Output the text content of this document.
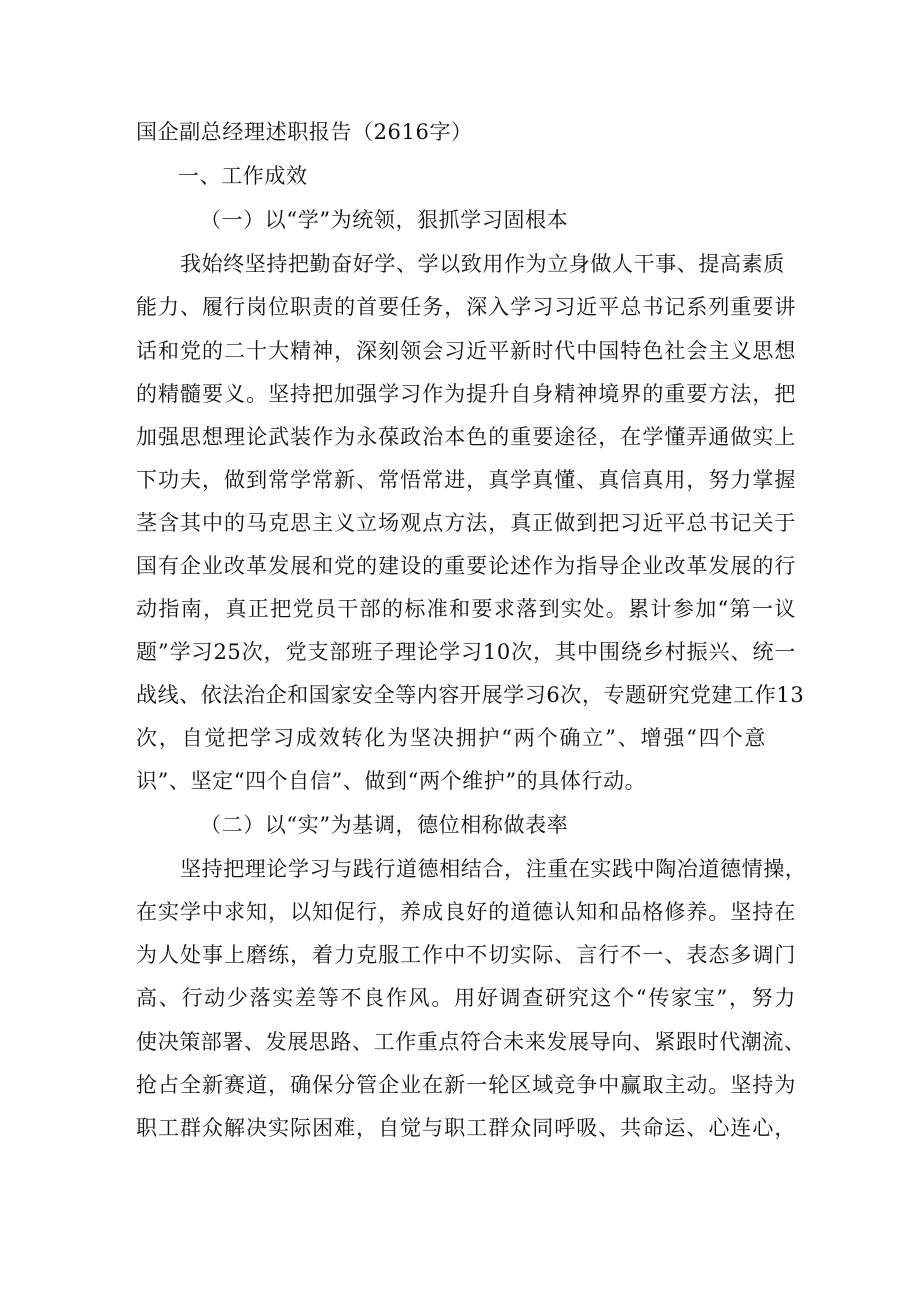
国企副总经理述职报告（2616字）
一、工作成效
（一）以“学”为统领，狠抓学习固根本
我始终坚持把勤奋好学、学以致用作为立身做人干事、提高素质
能力、履行岗位职责的首要任务，深入学习习近平总书记系列重要讲
话和党的二十大精神，深刻领会习近平新时代中国特色社会主义思想
的精髓要义。坚持把加强学习作为提升自身精神境界的重要方法，把
加强思想理论武装作为永葆政治本色的重要途径，在学懂弄通做实上
下功夫，做到常学常新、常悟常进，真学真懂、真信真用，努力掌握
茎含其中的马克思主义立场观点方法，真正做到把习近平总书记关于
国有企业改革发展和党的建设的重要论述作为指导企业改革发展的行
动指南，真正把党员干部的标准和要求落到实处。累计参加“第一议
题”学习25次，党支部班子理论学习10次，其中围绕乡村振兴、统一
战线、依法治企和国家安全等内容开展学习6次，专题研究党建工作13
次，自觉把学习成效转化为坚决拥护“两个确立”、增强“四个意
识”、坚定“四个自信”、做到“两个维护”的具体行动。
（二）以“实”为基调，德位相称做表率
坚持把理论学习与践行道德相结合，注重在实践中陶冶道德情操，
在实学中求知，以知促行，养成良好的道德认知和品格修养。坚持在
为人处事上磨练，着力克服工作中不切实际、言行不一、表态多调门
高、行动少落实差等不良作风。用好调查研究这个“传家宝”，努力
使决策部署、发展思路、工作重点符合未来发展导向、紧跟时代潮流、
抢占全新赛道，确保分管企业在新一轮区域竞争中赢取主动。坚持为
职工群众解决实际困难，自觉与职工群众同呼吸、共命运、心连心，
